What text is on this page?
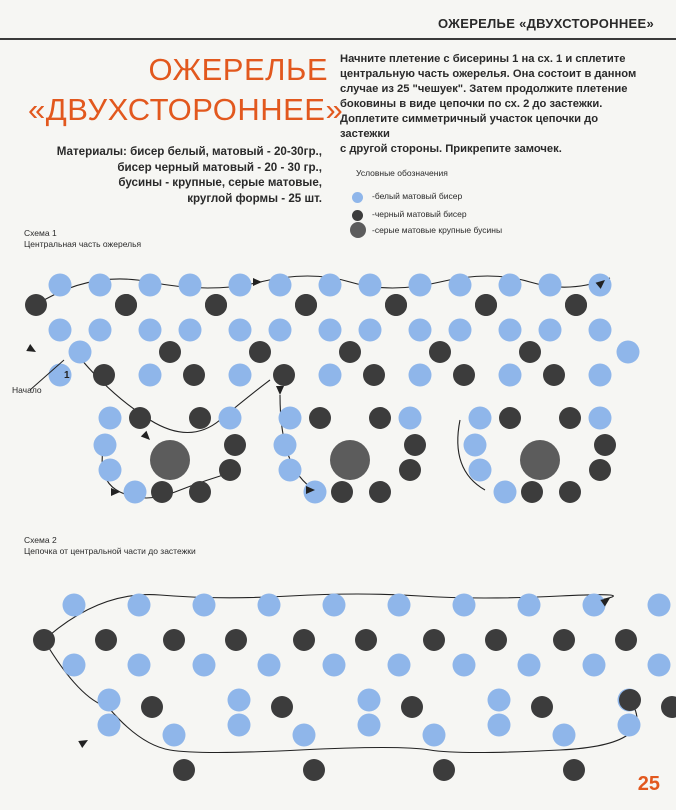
ОЖЕРЕЛЬЕ «ДВУХСТОРОННЕЕ»
ОЖЕРЕЛЬЕ
«ДВУХСТОРОННЕЕ»
Начните плетение с бисерины 1 на сх. 1 и сплетите
центральную часть ожерелья. Она состоит в данном
случае из 25 "чешуек". Затем продолжите плетение
боковины в виде цепочки по сх. 2 до застежки.
Доплетите симметричный участок цепочки до застежки
с другой стороны. Прикрепите замочек.
Материалы: бисер белый, матовый - 20-30гр.,
бисер черный матовый - 20 - 30 гр.,
бусины - крупные, серые матовые,
круглой формы - 25 шт.
Условные обозначения
-белый матовый бисер
-черный матовый бисер
-серые матовые крупные бусины
Схема 1
Центральная часть ожерелья
Начало
Схема 2
Цепочка от центральной части до застежки
1
25
